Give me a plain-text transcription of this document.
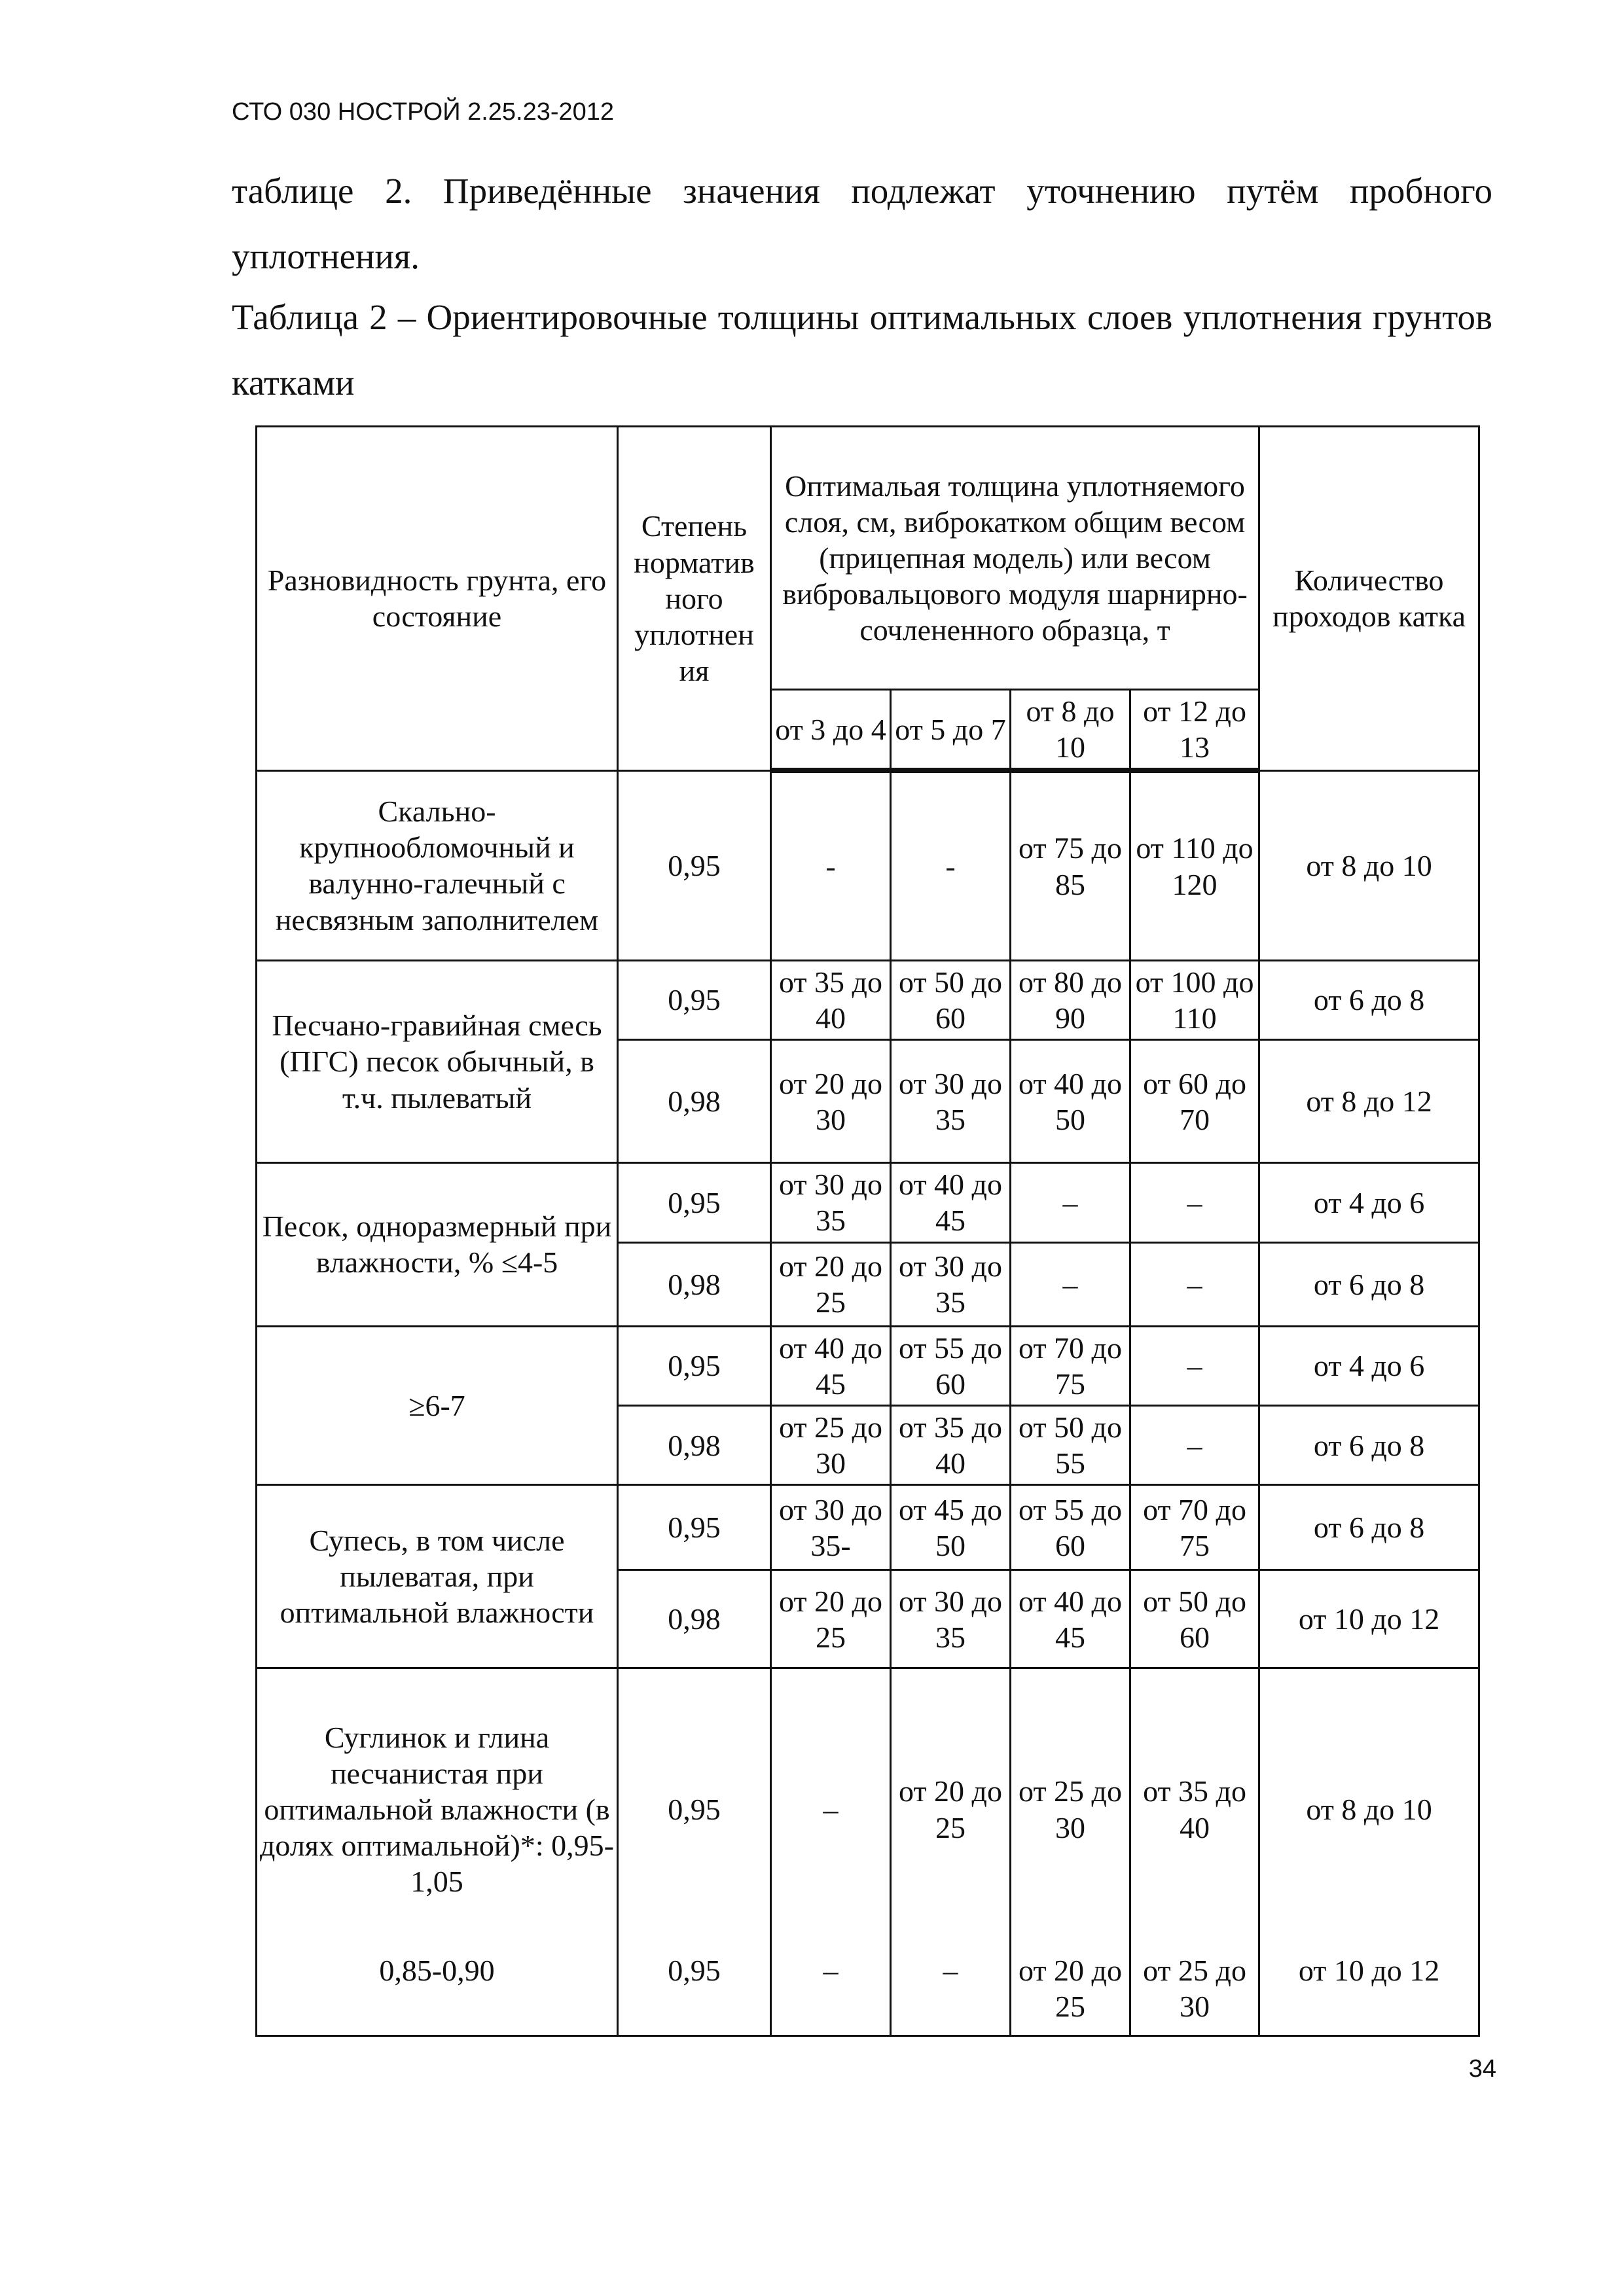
СТО 030 НОСТРОЙ 2.25.23-2012

таблице 2. Приведённые значения подлежат уточнению путём пробного уплотнения.

Таблица 2 – Ориентировочные толщины оптимальных слоев уплотнения грунтов катками

Разновидность грунта, его состояние	Степень норматив ного уплотнен ия	Оптимальая толщина уплотняемого слоя, см, виброкатком общим весом (прицепная модель) или весом вибровальцового модуля шарнирно-сочлененного образца, т				Количество проходов катка
		от 3 до 4	от 5 до 7	от 8 до 10	от 12 до 13	
Скально-крупнообломочный и валунно-галечный с несвязным заполнителем	0,95	-	-	от 75 до 85	от 110 до 120	от 8 до 10
Песчано-гравийная смесь (ПГС) песок обычный, в т.ч. пылеватый	0,95	от 35 до 40	от 50 до 60	от 80 до 90	от 100 до 110	от 6 до 8
	0,98	от 20 до 30	от 30 до 35	от 40 до 50	от 60 до 70	от 8 до 12
Песок, одноразмерный при влажности, % ≤4-5	0,95	от 30 до 35	от 40 до 45	–	–	от 4 до 6
	0,98	от 20 до 25	от 30 до 35	–	–	от 6 до 8
≥6-7	0,95	от 40 до 45	от 55 до 60	от 70 до 75	–	от 4 до 6
	0,98	от 25 до 30	от 35 до 40	от 50 до 55	–	от 6 до 8
Супесь, в том числе пылеватая, при оптимальной влажности	0,95	от 30 до 35-	от 45 до 50	от 55 до 60	от 70 до 75	от 6 до 8
	0,98	от 20 до 25	от 30 до 35	от 40 до 45	от 50 до 60	от 10 до 12
Суглинок и глина песчанистая при оптимальной влажности (в долях оптимальной)*: 0,95-1,05	0,95	–	от 20 до 25	от 25 до 30	от 35 до 40	от 8 до 10
0,85-0,90	0,95	–	–	от 20 до 25	от 25 до 30	от 10 до 12
34
